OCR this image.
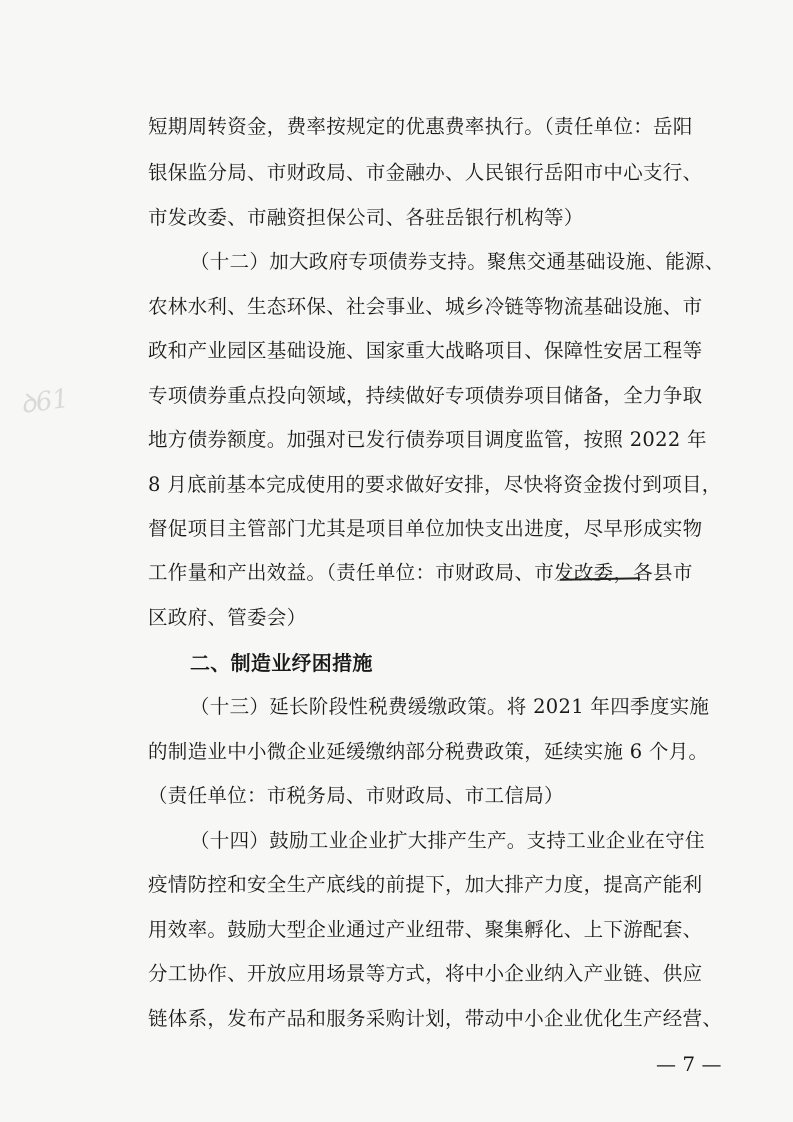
ꝺ61
短期周转资金，费率按规定的优惠费率执行。（责任单位：岳阳
银保监分局、市财政局、市金融办、人民银行岳阳市中心支行、
市发改委、市融资担保公司、各驻岳银行机构等）
（十二）加大政府专项债券支持。聚焦交通基础设施、能源、
农林水利、生态环保、社会事业、城乡冷链等物流基础设施、市
政和产业园区基础设施、国家重大战略项目、保障性安居工程等
专项债券重点投向领域，持续做好专项债券项目储备，全力争取
地方债券额度。加强对已发行债券项目调度监管，按照 2022 年
8 月底前基本完成使用的要求做好安排，尽快将资金拨付到项目，
督促项目主管部门尤其是项目单位加快支出进度，尽早形成实物
工作量和产出效益。（责任单位：市财政局、市发改委，各县市
区政府、管委会）
二、制造业纾困措施
（十三）延长阶段性税费缓缴政策。将 2021 年四季度实施
的制造业中小微企业延缓缴纳部分税费政策，延续实施 6 个月。
（责任单位：市税务局、市财政局、市工信局）
（十四）鼓励工业企业扩大排产生产。支持工业企业在守住
疫情防控和安全生产底线的前提下，加大排产力度，提高产能利
用效率。鼓励大型企业通过产业纽带、聚集孵化、上下游配套、
分工协作、开放应用场景等方式，将中小企业纳入产业链、供应
链体系，发布产品和服务采购计划，带动中小企业优化生产经营、
— 7 —
